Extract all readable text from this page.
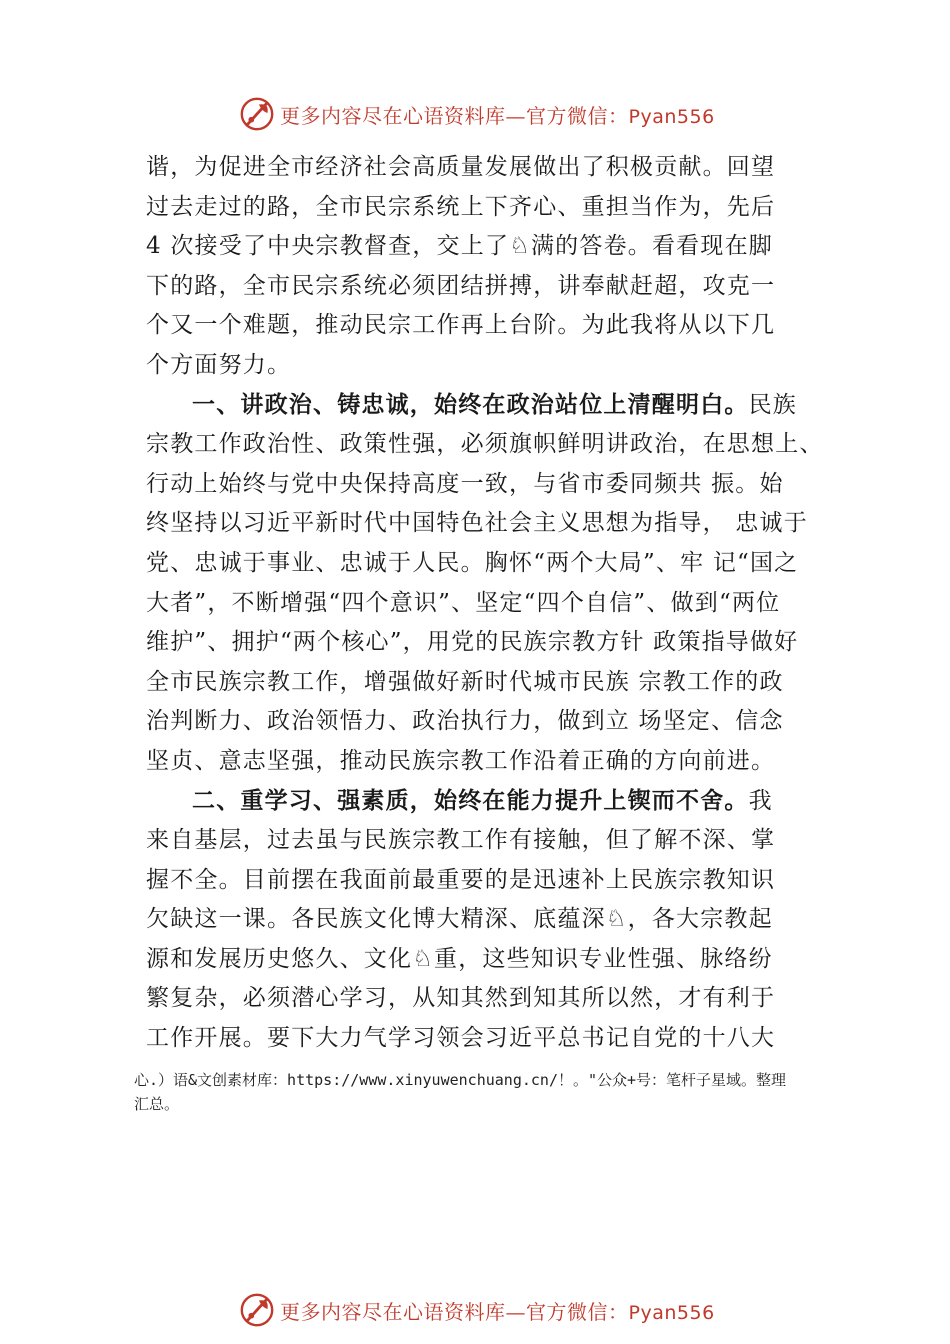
更多内容尽在心语资料库—官方微信：Pyan556
谐，为促进全市经济社会高质量发展做出了积极贡献。回望
过去走过的路，全市民宗系统上下齐心、重担当作为，先后
4 次接受了中央宗教督查，交上了♘满的答卷。看看现在脚
下的路，全市民宗系统必须团结拼搏，讲奉献赶超，攻克一
个又一个难题，推动民宗工作再上台阶。为此我将从以下几
个方面努力。
一、讲政治、铸忠诚，始终在政治站位上清醒明白。民族
宗教工作政治性、政策性强，必须旗帜鲜明讲政治，在思想上、
行动上始终与党中央保持高度一致，与省市委同频共 振。始
终坚持以习近平新时代中国特色社会主义思想为指导， 忠诚于
党、忠诚于事业、忠诚于人民。胸怀“两个大局”、牢 记“国之
大者”，不断增强“四个意识”、坚定“四个自信”、做到“两位
维护”、拥护“两个核心”，用党的民族宗教方针 政策指导做好
全市民族宗教工作，增强做好新时代城市民族 宗教工作的政
治判断力、政治领悟力、政治执行力，做到立 场坚定、信念
坚贞、意志坚强，推动民族宗教工作沿着正确的方向前进。
二、重学习、强素质，始终在能力提升上锲而不舍。我
来自基层，过去虽与民族宗教工作有接触，但了解不深、掌
握不全。目前摆在我面前最重要的是迅速补上民族宗教知识
欠缺这一课。各民族文化博大精深、底蕴深♘，各大宗教起
源和发展历史悠久、文化♘重，这些知识专业性强、脉络纷
繁复杂，必须潜心学习，从知其然到知其所以然，才有利于
工作开展。要下大力气学习领会习近平总书记自党的十八大
心.）语&文创素材库：https://www.xinyuwenchuang.cn/！。"公众+号：笔杆子星域。整理
汇总。
更多内容尽在心语资料库—官方微信：Pyan556
